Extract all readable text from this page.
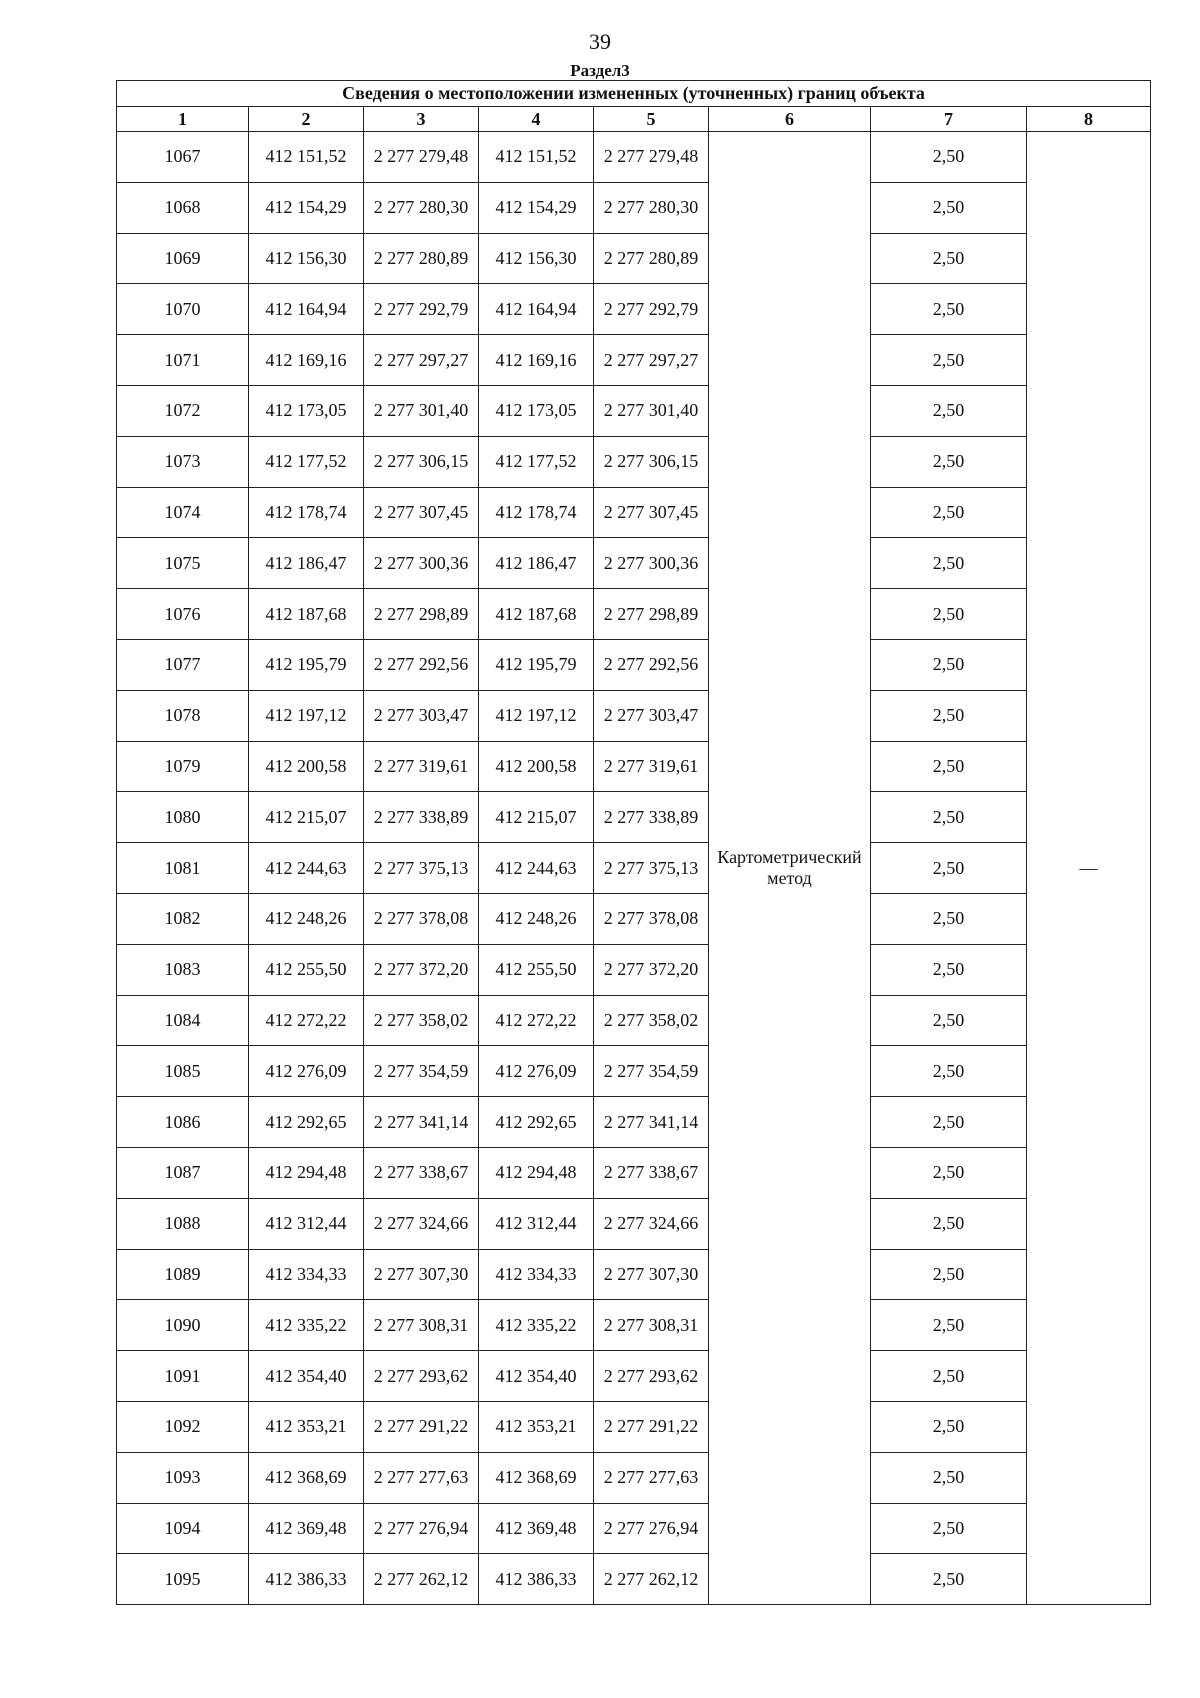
39
Раздел3
Сведения о местоположении измененных (уточненных) границ объекта							
1	2	3	4	5	6	7	8
1067	412 151,52	2 277 279,48	412 151,52	2 277 279,48	Картометрический метод	2,50	—
1068	412 154,29	2 277 280,30	412 154,29	2 277 280,30		2,50	
1069	412 156,30	2 277 280,89	412 156,30	2 277 280,89		2,50	
1070	412 164,94	2 277 292,79	412 164,94	2 277 292,79		2,50	
1071	412 169,16	2 277 297,27	412 169,16	2 277 297,27		2,50	
1072	412 173,05	2 277 301,40	412 173,05	2 277 301,40		2,50	
1073	412 177,52	2 277 306,15	412 177,52	2 277 306,15		2,50	
1074	412 178,74	2 277 307,45	412 178,74	2 277 307,45		2,50	
1075	412 186,47	2 277 300,36	412 186,47	2 277 300,36		2,50	
1076	412 187,68	2 277 298,89	412 187,68	2 277 298,89		2,50	
1077	412 195,79	2 277 292,56	412 195,79	2 277 292,56		2,50	
1078	412 197,12	2 277 303,47	412 197,12	2 277 303,47		2,50	
1079	412 200,58	2 277 319,61	412 200,58	2 277 319,61		2,50	
1080	412 215,07	2 277 338,89	412 215,07	2 277 338,89		2,50	
1081	412 244,63	2 277 375,13	412 244,63	2 277 375,13		2,50	
1082	412 248,26	2 277 378,08	412 248,26	2 277 378,08		2,50	
1083	412 255,50	2 277 372,20	412 255,50	2 277 372,20		2,50	
1084	412 272,22	2 277 358,02	412 272,22	2 277 358,02		2,50	
1085	412 276,09	2 277 354,59	412 276,09	2 277 354,59		2,50	
1086	412 292,65	2 277 341,14	412 292,65	2 277 341,14		2,50	
1087	412 294,48	2 277 338,67	412 294,48	2 277 338,67		2,50	
1088	412 312,44	2 277 324,66	412 312,44	2 277 324,66		2,50	
1089	412 334,33	2 277 307,30	412 334,33	2 277 307,30		2,50	
1090	412 335,22	2 277 308,31	412 335,22	2 277 308,31		2,50	
1091	412 354,40	2 277 293,62	412 354,40	2 277 293,62		2,50	
1092	412 353,21	2 277 291,22	412 353,21	2 277 291,22		2,50	
1093	412 368,69	2 277 277,63	412 368,69	2 277 277,63		2,50	
1094	412 369,48	2 277 276,94	412 369,48	2 277 276,94		2,50	
1095	412 386,33	2 277 262,12	412 386,33	2 277 262,12		2,50	
